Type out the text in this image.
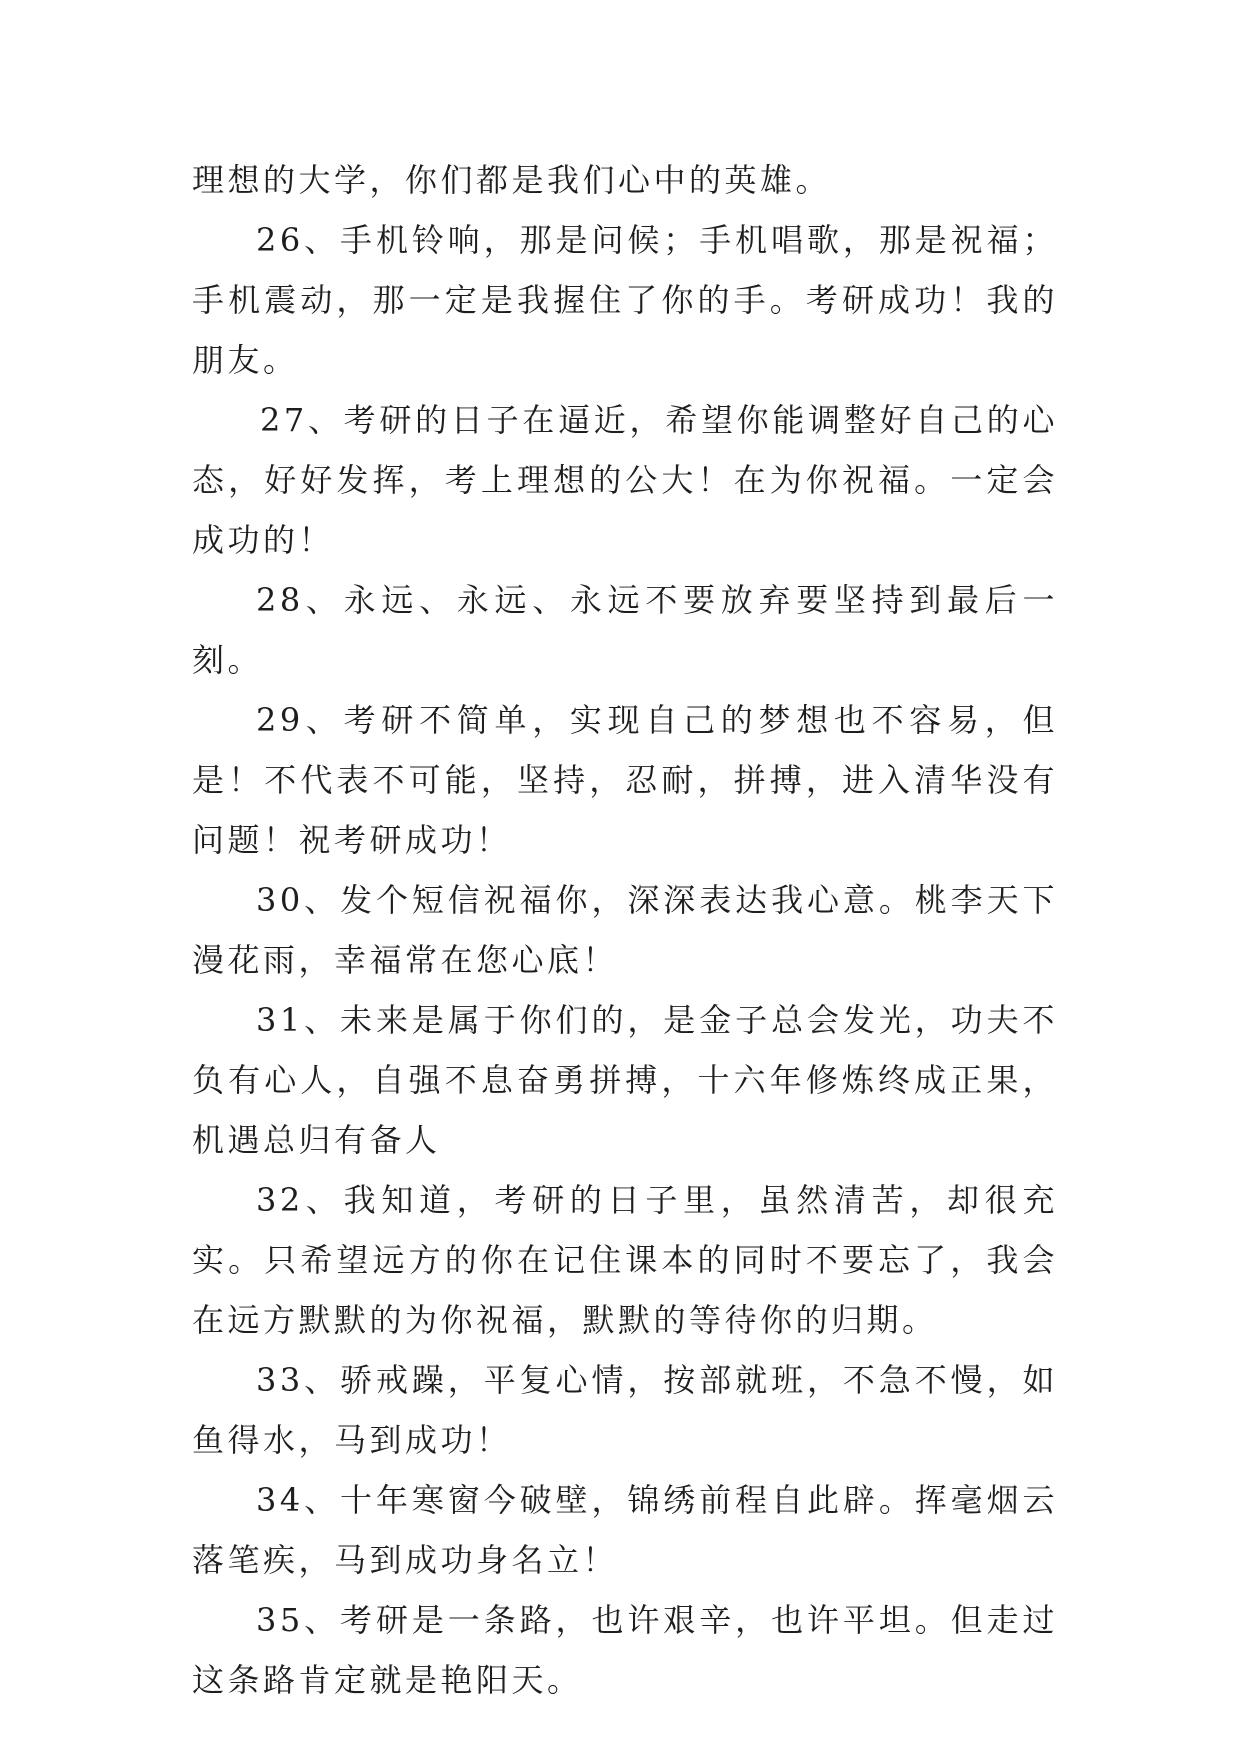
理想的大学，你们都是我们心中的英雄。

26、手机铃响，那是问候；手机唱歌，那是祝福；手机震动，那一定是我握住了你的手。考研成功！我的朋友。

27、考研的日子在逼近，希望你能调整好自己的心态，好好发挥，考上理想的公大！在为你祝福。一定会成功的！

28、永远、永远、永远不要放弃要坚持到最后一刻。

29、考研不简单，实现自己的梦想也不容易，但是！不代表不可能，坚持，忍耐，拼搏，进入清华没有问题！祝考研成功！

30、发个短信祝福你，深深表达我心意。桃李天下漫花雨，幸福常在您心底！

31、未来是属于你们的，是金子总会发光，功夫不负有心人，自强不息奋勇拼搏，十六年修炼终成正果，机遇总归有备人

32、我知道，考研的日子里，虽然清苦，却很充实。只希望远方的你在记住课本的同时不要忘了，我会在远方默默的为你祝福，默默的等待你的归期。

33、骄戒躁，平复心情，按部就班，不急不慢，如鱼得水，马到成功！

34、十年寒窗今破壁，锦绣前程自此辟。挥毫烟云落笔疾，马到成功身名立！

35、考研是一条路，也许艰辛，也许平坦。但走过这条路肯定就是艳阳天。
